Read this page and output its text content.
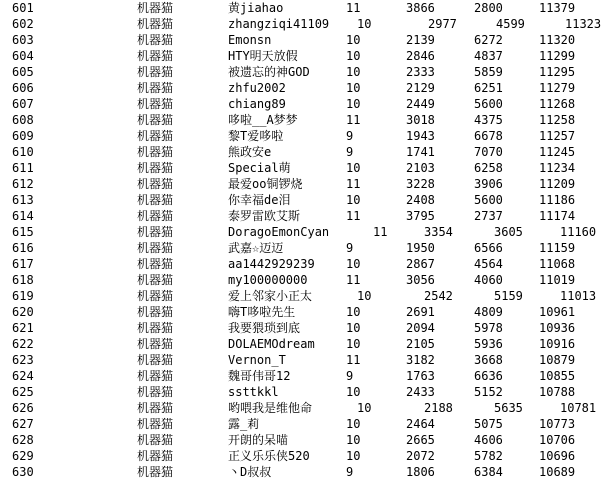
601	机器猫	黄jiahao	11	3866	2800	11379
602	机器猫	zhangziqi41109 10	2977	4599	11323
603	机器猫	Emonsn	10	2139	6272	11320
604	机器猫	HTY明天放假	10	2846	4837	11299
605	机器猫	被遗忘的神GOD	10	2333	5859	11295
606	机器猫	zhfu2002	10	2129	6251	11279
607	机器猫	chiang89	10	2449	5600	11268
608	机器猫	哆啦__A梦梦	11	3018	4375	11258
609	机器猫	黎T爱哆啦	9	1943	6678	11257
610	机器猫	熊政安e	9	1741	7070	11245
611	机器猫	Special萌	10	2103	6258	11234
612	机器猫	最爱oo铜锣烧	11	3228	3906	11209
613	机器猫	你幸福de泪	10	2408	5600	11186
614	机器猫	泰罗雷欧艾斯	11	3795	2737	11174
615	机器猫	DoragoEmonCyan	11	3354	3605	11160
616	机器猫	武嘉☆迈迈	9	1950	6566	11159
617	机器猫	aa1442929239	10	2867	4564	11068
618	机器猫	my100000000	11	3056	4060	11019
619	机器猫	爱上邻家小正太	10	2542	5159	11013
620	机器猫	嗨T哆啦先生	10	2691	4809	10961
621	机器猫	我要猥琐到底	10	2094	5978	10936
622	机器猫	DOLAEMOdream	10	2105	5936	10916
623	机器猫	Vernon_T	11	3182	3668	10879
624	机器猫	魏哥伟哥12	9	1763	6636	10855
625	机器猫	ssttkkl	10	2433	5152	10788
626	机器猫	哟喂我是维他命	10	2188	5635	10781
627	机器猫	露_莉	10	2464	5075	10773
628	机器猫	开朗的呆喵	10	2665	4606	10706
629	机器猫	正义乐乐侠520	10	2072	5782	10696
630	机器猫	丶D叔叔	9	1806	6384	10689
